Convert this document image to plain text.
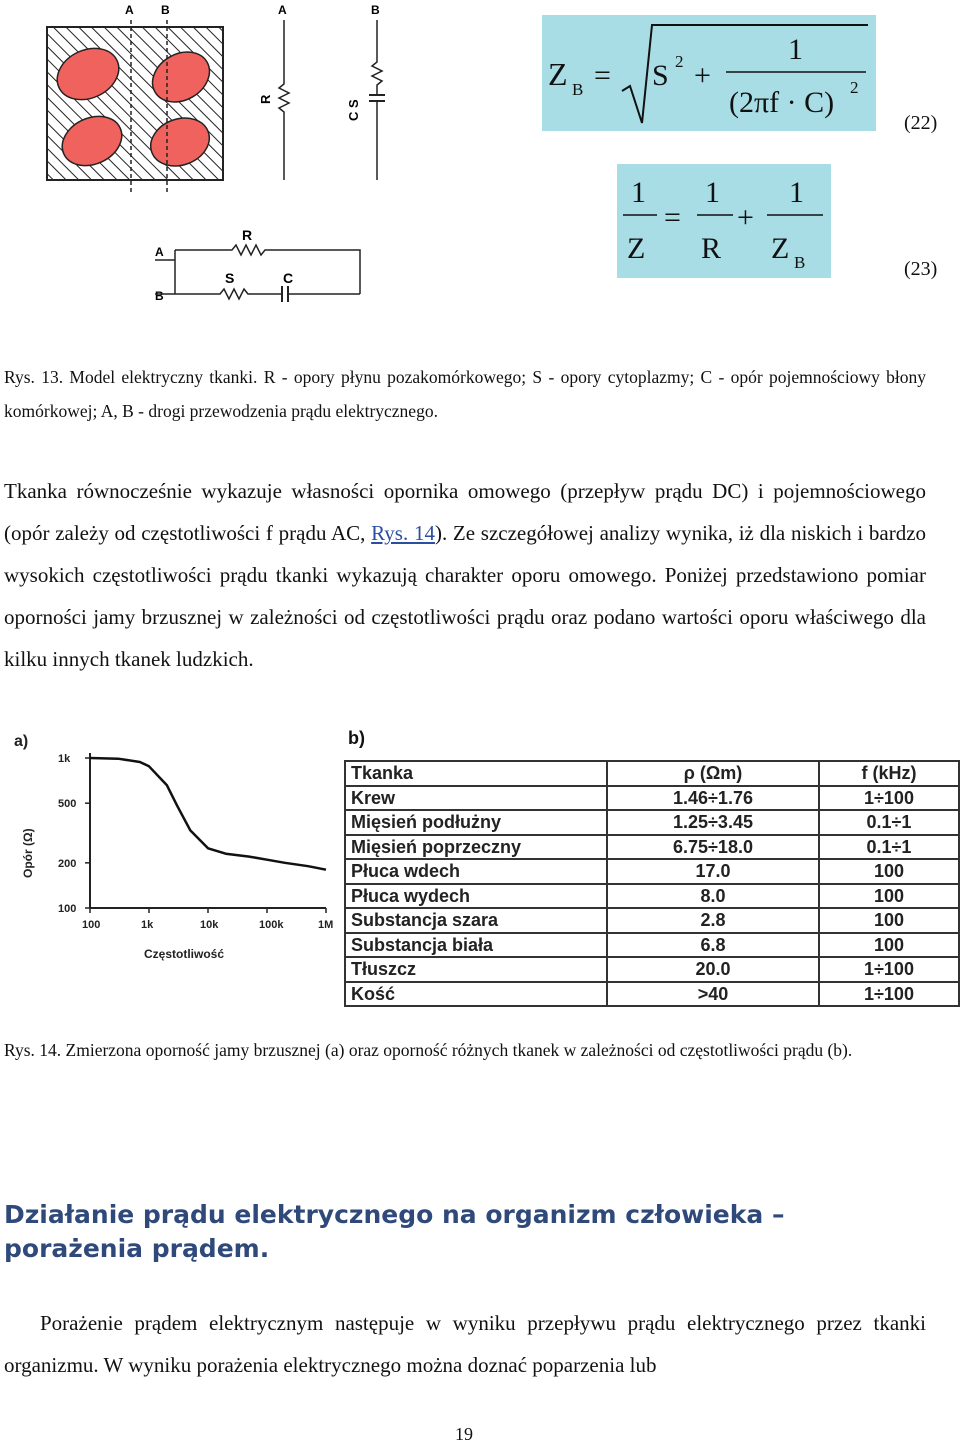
A B	A
R
B
C S
A
B
R
S	C
Z B = S 2 +
1
(2πf · C) 2
(22)
1
Z
=
1
R
+
1
Z B	(23)
Rys. 13. Model elektryczny tkanki. R - opory płynu pozakomórkowego; S - opory cytoplazmy; C - opór pojemnościowy błony komórkowej; A, B - drogi przewodzenia prądu elektrycznego.
Tkanka równocześnie wykazuje własności opornika omowego (przepływ prądu DC) i pojemnościowego (opór zależy od częstotliwości f prądu AC, Rys. 14). Ze szczegółowej analizy wynika, iż dla niskich i bardzo wysokich częstotliwości prądu tkanki wykazują charakter oporu omowego. Poniżej przedstawiono pomiar oporności jamy brzusznej w zależności od częstotliwości prądu oraz podano wartości oporu właściwego dla kilku innych tkanek ludzkich.
a)
100	1k	10k	100k	1M
1k
500
200
100
Częstotliwość
Opór (Ω)
b)
Tkanka	ρ (Ωm)	f (kHz)
Krew	1.46÷1.76	1÷100
Mięsień podłużny	1.25÷3.45	0.1÷1
Mięsień poprzeczny	6.75÷18.0	0.1÷1
Płuca wdech	17.0	100
Płuca wydech	8.0	100
Substancja szara	2.8	100
Substancja biała	6.8	100
Tłuszcz	20.0	1÷100
Kość	>40	1÷100
Rys. 14. Zmierzona oporność jamy brzusznej (a) oraz oporność różnych tkanek w zależności od częstotliwości prądu (b).
Działanie prądu elektrycznego na organizm człowieka – porażenia prądem.
Porażenie prądem elektrycznym następuje w wyniku przepływu prądu elektrycznego przez tkanki organizmu. W wyniku porażenia elektrycznego można doznać poparzenia lub
19
